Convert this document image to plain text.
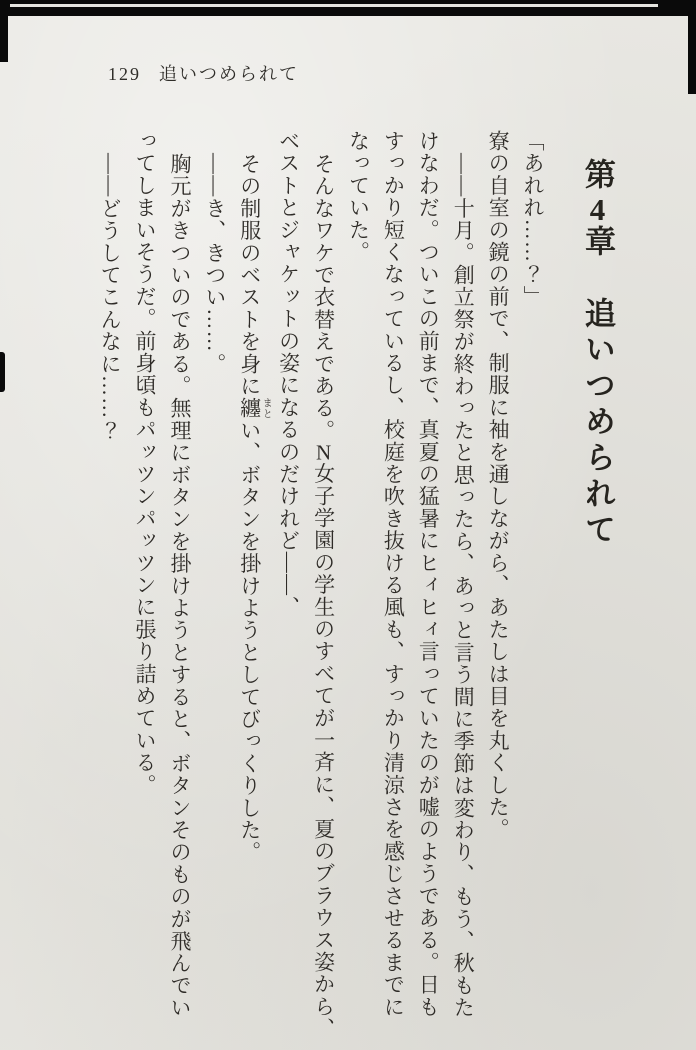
129 追いつめられて
第4章　追いつめられて
「あれれ……？」
寮の自室の鏡の前で、制服に袖を通しながら、あたしは目を丸くした。
――十月。創立祭が終わったと思ったら、あっと言う間に季節は変わり、もう、秋もた
けなわだ。ついこの前まで、真夏の猛暑にヒィヒィ言っていたのが嘘のようである。日も
すっかり短くなっているし、校庭を吹き抜ける風も、すっかり清涼さを感じさせるまでに
なっていた。
そんなワケで衣替えである。N女子学園の学生のすべてが一斉に、夏のブラウス姿から、
ベストとジャケットの姿になるのだけれど――、
その制服のベストを身に纏まとい、ボタンを掛けようとしてびっくりした。
――き、きつい……。
胸元がきついのである。無理にボタンを掛けようとすると、ボタンそのものが飛んでい
ってしまいそうだ。前身頃もパッツンパッツンに張り詰めている。
――どうしてこんなに……？
